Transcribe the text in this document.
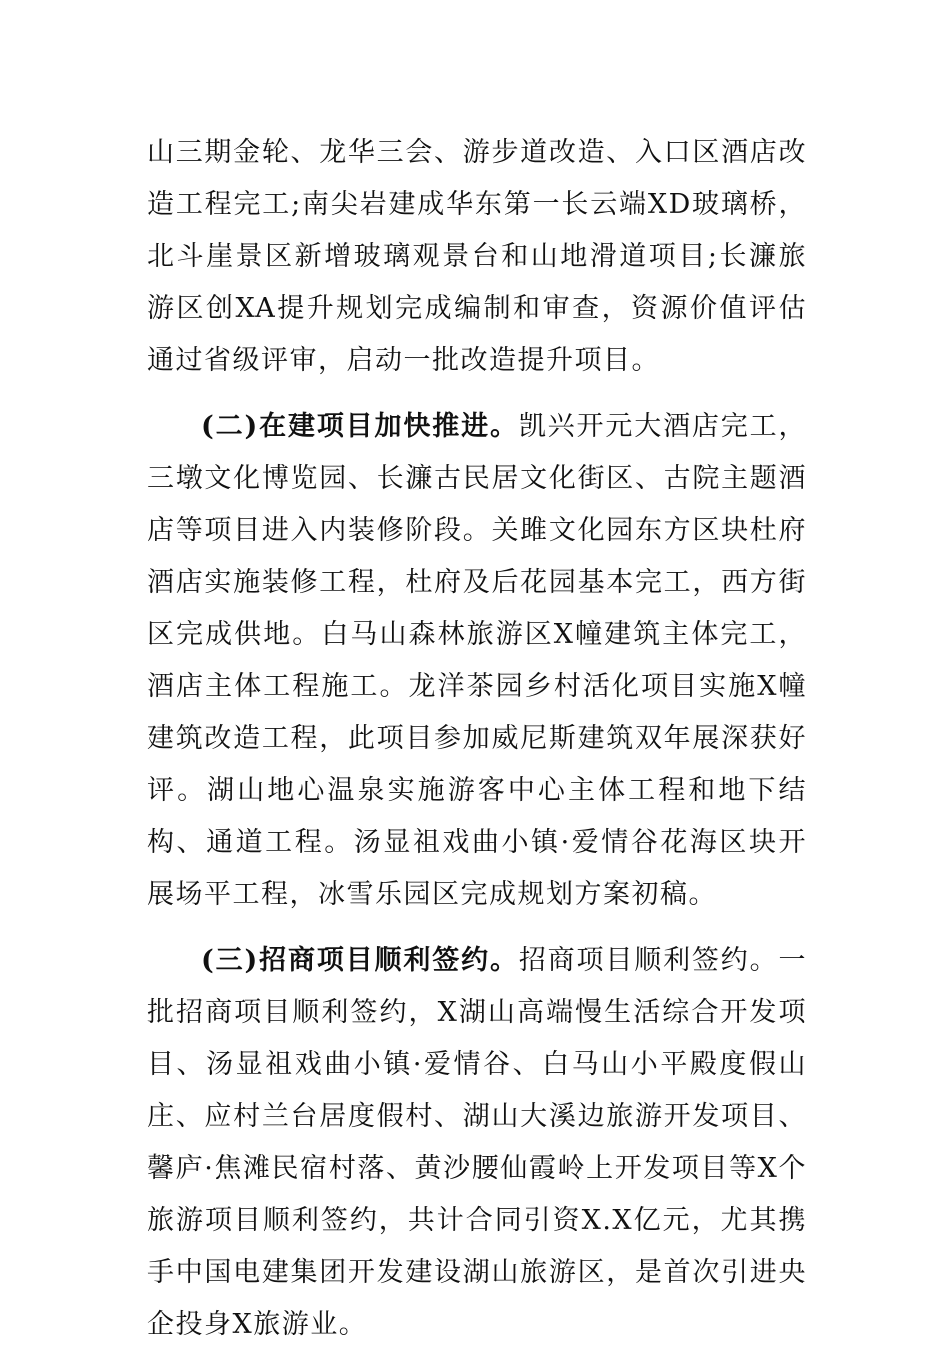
山三期金轮、龙华三会、游步道改造、入口区酒店改造工程完工;南尖岩建成华东第一长云端XD玻璃桥，北斗崖景区新增玻璃观景台和山地滑道项目;长濂旅游区创XA提升规划完成编制和审查，资源价值评估通过省级评审，启动一批改造提升项目。

(二)在建项目加快推进。凯兴开元大酒店完工，三墩文化博览园、长濂古民居文化街区、古院主题酒店等项目进入内装修阶段。关雎文化园东方区块杜府酒店实施装修工程，杜府及后花园基本完工，西方街区完成供地。白马山森林旅游区X幢建筑主体完工，酒店主体工程施工。龙洋茶园乡村活化项目实施X幢建筑改造工程，此项目参加威尼斯建筑双年展深获好评。湖山地心温泉实施游客中心主体工程和地下结构、通道工程。汤显祖戏曲小镇·爱情谷花海区块开展场平工程，冰雪乐园区完成规划方案初稿。

(三)招商项目顺利签约。招商项目顺利签约。一批招商项目顺利签约，X湖山高端慢生活综合开发项目、汤显祖戏曲小镇·爱情谷、白马山小平殿度假山庄、应村兰台居度假村、湖山大溪边旅游开发项目、馨庐·焦滩民宿村落、黄沙腰仙霞岭上开发项目等X个旅游项目顺利签约，共计合同引资X.X亿元，尤其携手中国电建集团开发建设湖山旅游区，是首次引进央企投身X旅游业。
